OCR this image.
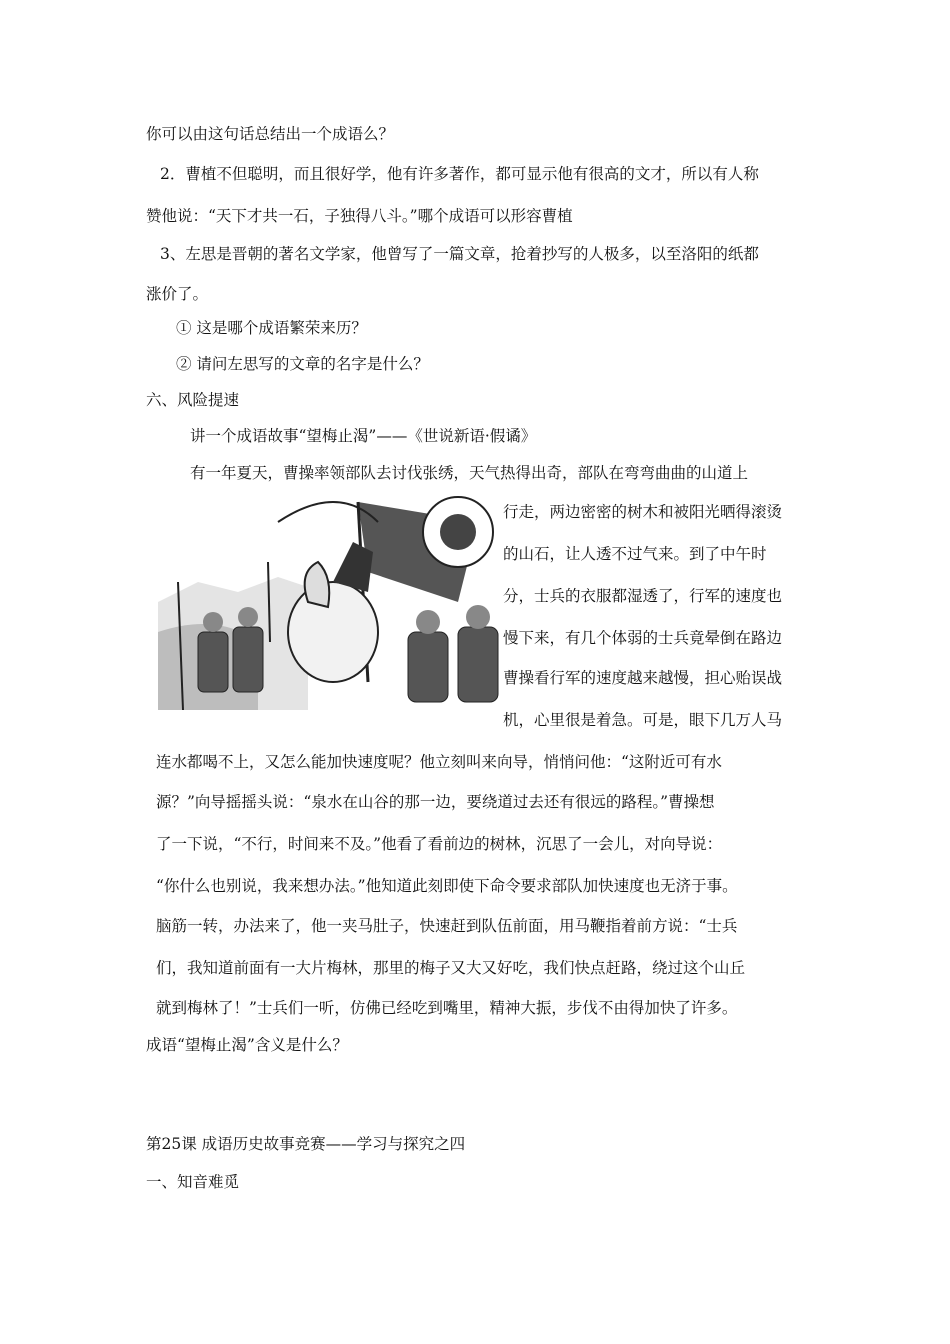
你可以由这句话总结出一个成语么？
2．曹植不但聪明，而且很好学，他有许多著作，都可显示他有很高的文才，所以有人称
赞他说：“天下才共一石，子独得八斗。”哪个成语可以形容曹植
3、左思是晋朝的著名文学家，他曾写了一篇文章，抢着抄写的人极多，以至洛阳的纸都
涨价了。
① 这是哪个成语繁荣来历？
② 请问左思写的文章的名字是什么？
六、风险提速
讲一个成语故事“望梅止渴”——《世说新语·假谲》
有一年夏天，曹操率领部队去讨伐张绣，天气热得出奇，部队在弯弯曲曲的山道上
行走，两边密密的树木和被阳光晒得滚烫
的山石，让人透不过气来。到了中午时
分，士兵的衣服都湿透了，行军的速度也
慢下来，有几个体弱的士兵竟晕倒在路边
曹操看行军的速度越来越慢，担心贻误战
机，心里很是着急。可是，眼下几万人马
连水都喝不上，又怎么能加快速度呢？他立刻叫来向导，悄悄问他：“这附近可有水
源？”向导摇摇头说：“泉水在山谷的那一边，要绕道过去还有很远的路程。”曹操想
了一下说，“不行，时间来不及。”他看了看前边的树林，沉思了一会儿，对向导说：
“你什么也别说，我来想办法。”他知道此刻即使下命令要求部队加快速度也无济于事。
脑筋一转，办法来了，他一夹马肚子，快速赶到队伍前面，用马鞭指着前方说：“士兵
们，我知道前面有一大片梅林，那里的梅子又大又好吃，我们快点赶路，绕过这个山丘
就到梅林了！”士兵们一听，仿佛已经吃到嘴里，精神大振，步伐不由得加快了许多。
成语“望梅止渴”含义是什么？
第25课 成语历史故事竞赛——学习与探究之四
一、知音难觅
